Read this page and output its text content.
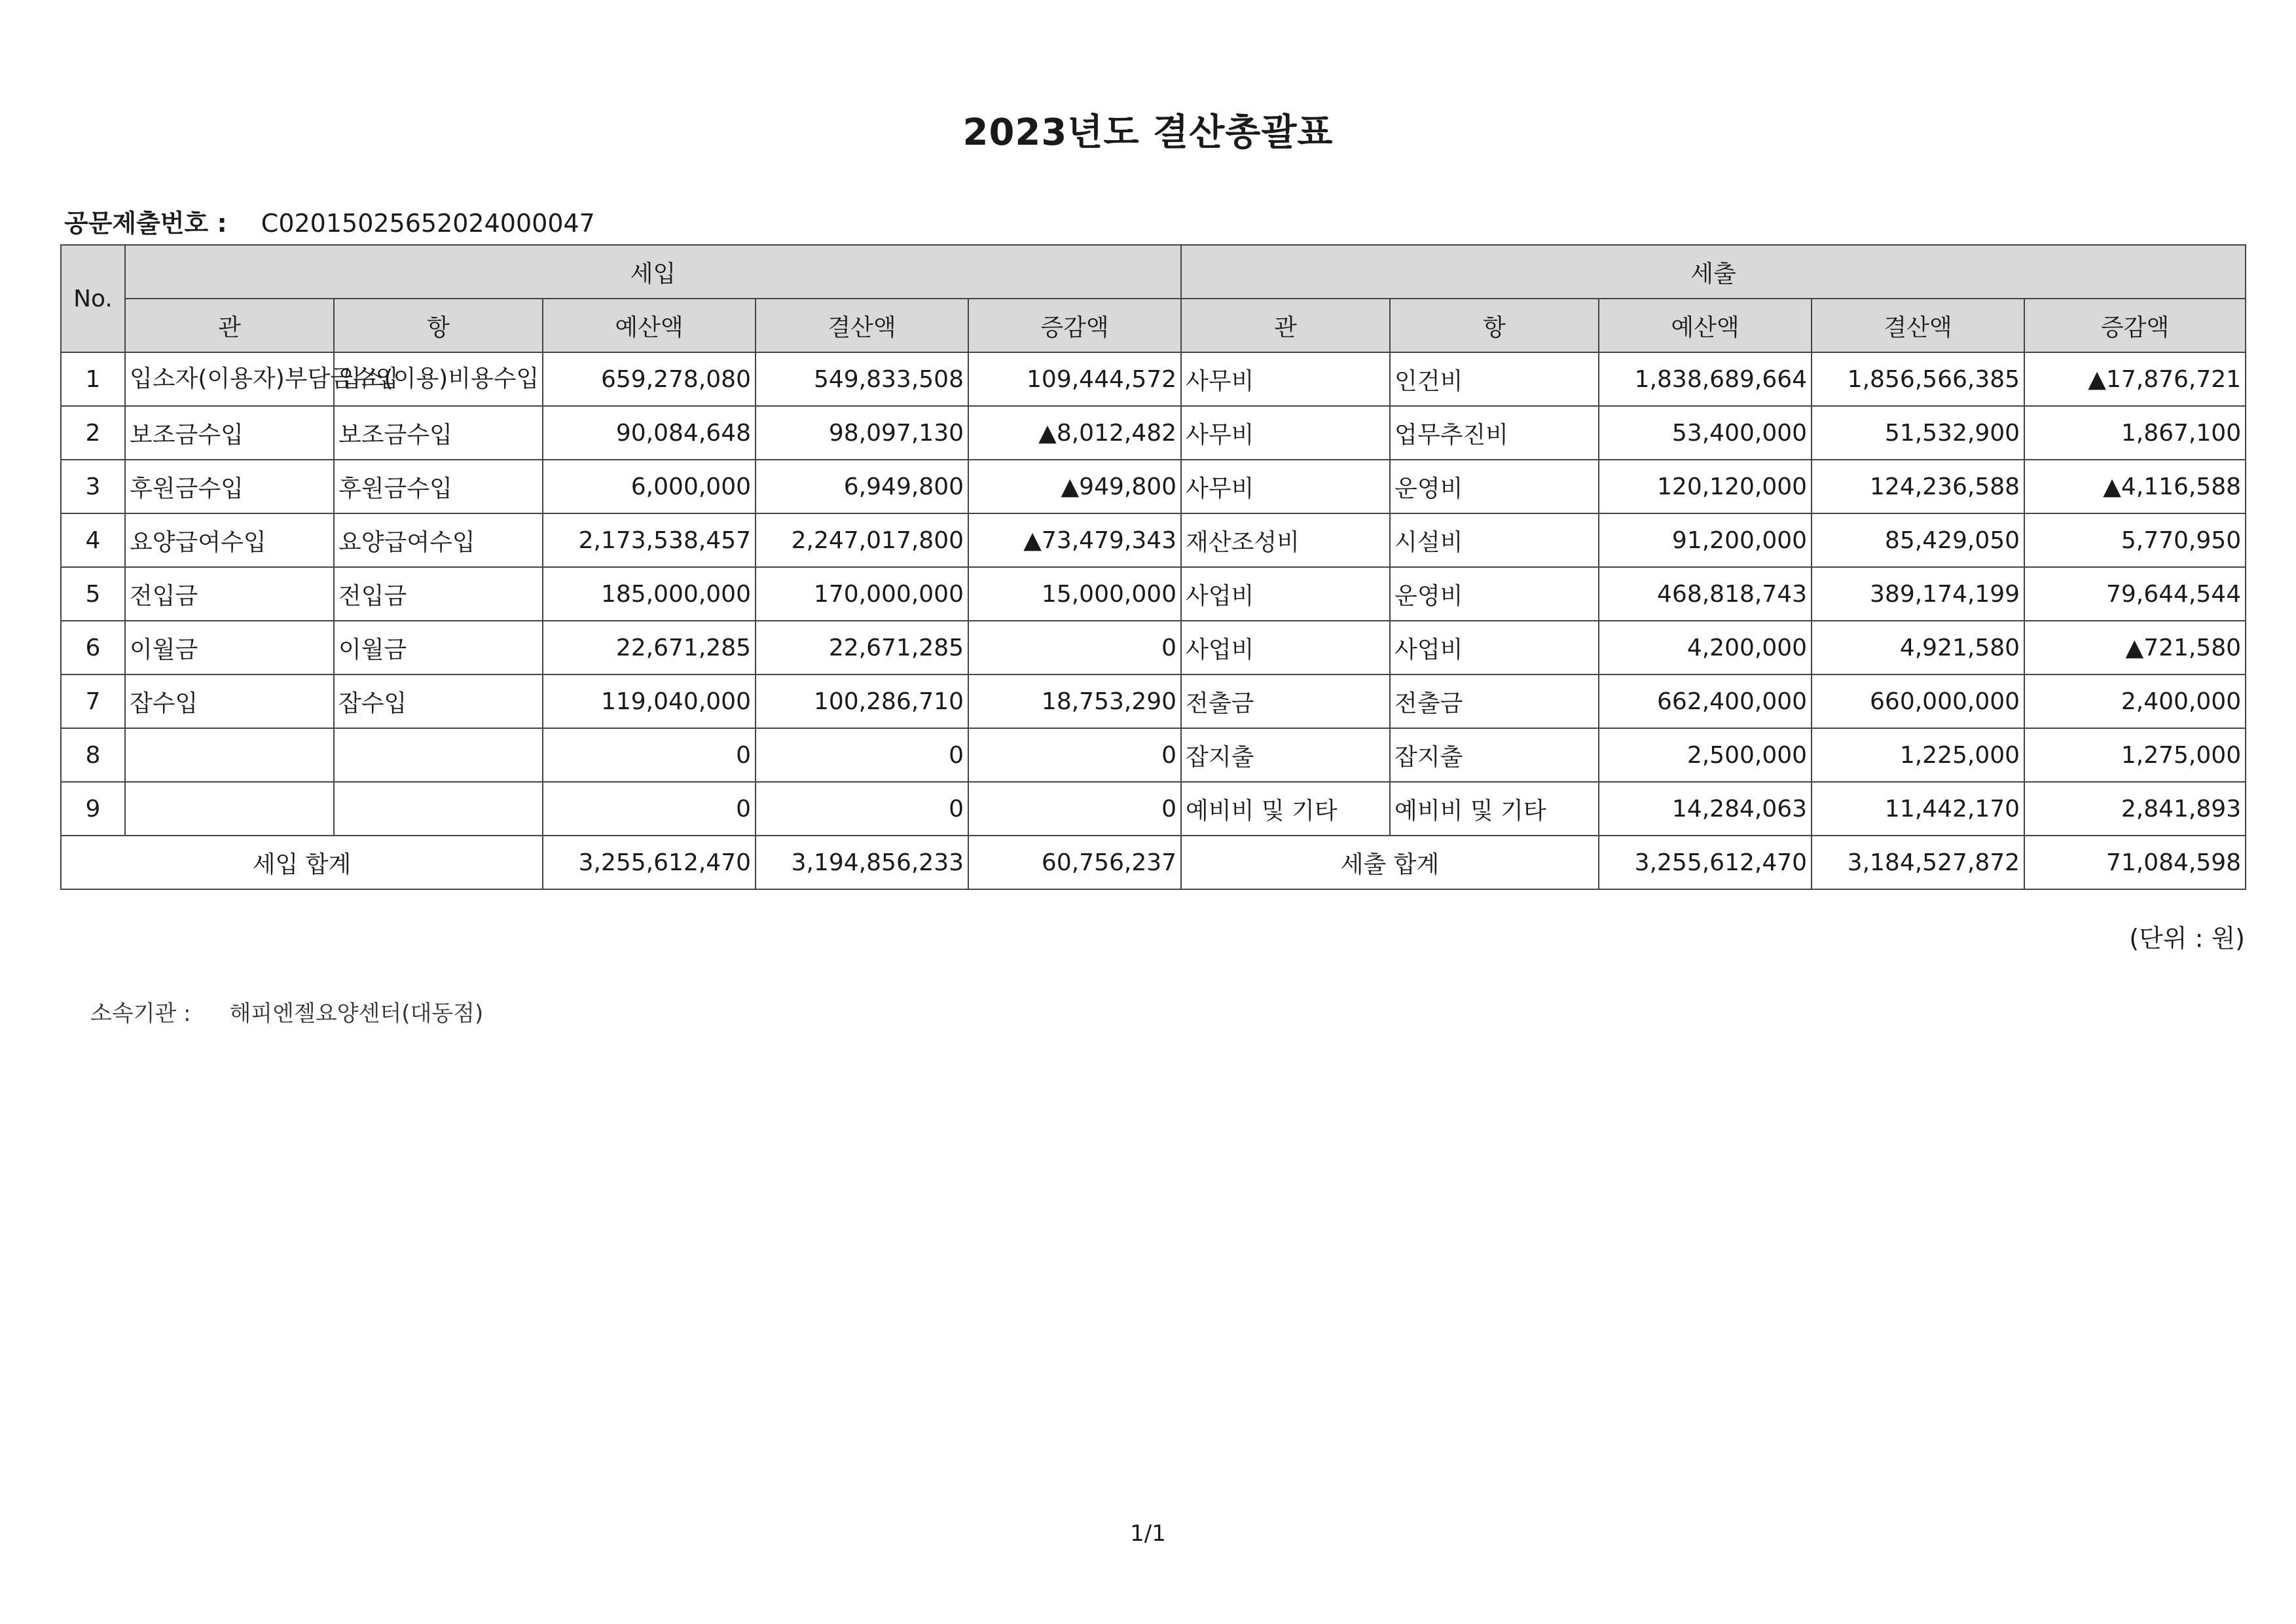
2023년도 결산총괄표
공문제출번호 : C0201502565202400004​7
No.	세입					세출				
	관	항	예산액	결산액	증감액	관	항	예산액	결산액	증감액
1	입소자(이용자)부담금수입	입소(이용)비용수입	659,278,080	549,833,508	109,444,572	사무비	인건비	1,838,689,664	1,856,566,385	▲17,876,721
2	보조금수입	보조금수입	90,084,648	98,097,130	▲8,012,482	사무비	업무추진비	53,400,000	51,532,900	1,867,100
3	후원금수입	후원금수입	6,000,000	6,949,800	▲949,800	사무비	운영비	120,120,000	124,236,588	▲4,116,588
4	요양급여수입	요양급여수입	2,173,538,457	2,247,017,800	▲73,479,343	재산조성비	시설비	91,200,000	85,429,050	5,770,950
5	전입금	전입금	185,000,000	170,000,000	15,000,000	사업비	운영비	468,818,743	389,174,199	79,644,544
6	이월금	이월금	22,671,285	22,671,285	0	사업비	사업비	4,200,000	4,921,580	▲721,580
7	잡수입	잡수입	119,040,000	100,286,710	18,753,290	전출금	전출금	662,400,000	660,000,000	2,400,000
8			0	0	0	잡지출	잡지출	2,500,000	1,225,000	1,275,000
9			0	0	0	예비비 및 기타	예비비 및 기타	14,284,063	11,442,170	2,841,893
세입 합계			3,255,612,470	3,194,856,233	60,756,237	세출 합계		3,255,612,470	3,184,527,872	71,084,598
(단위 : 원)
소속기관 : 해피엔젤요양센터(대동점)
1/1
